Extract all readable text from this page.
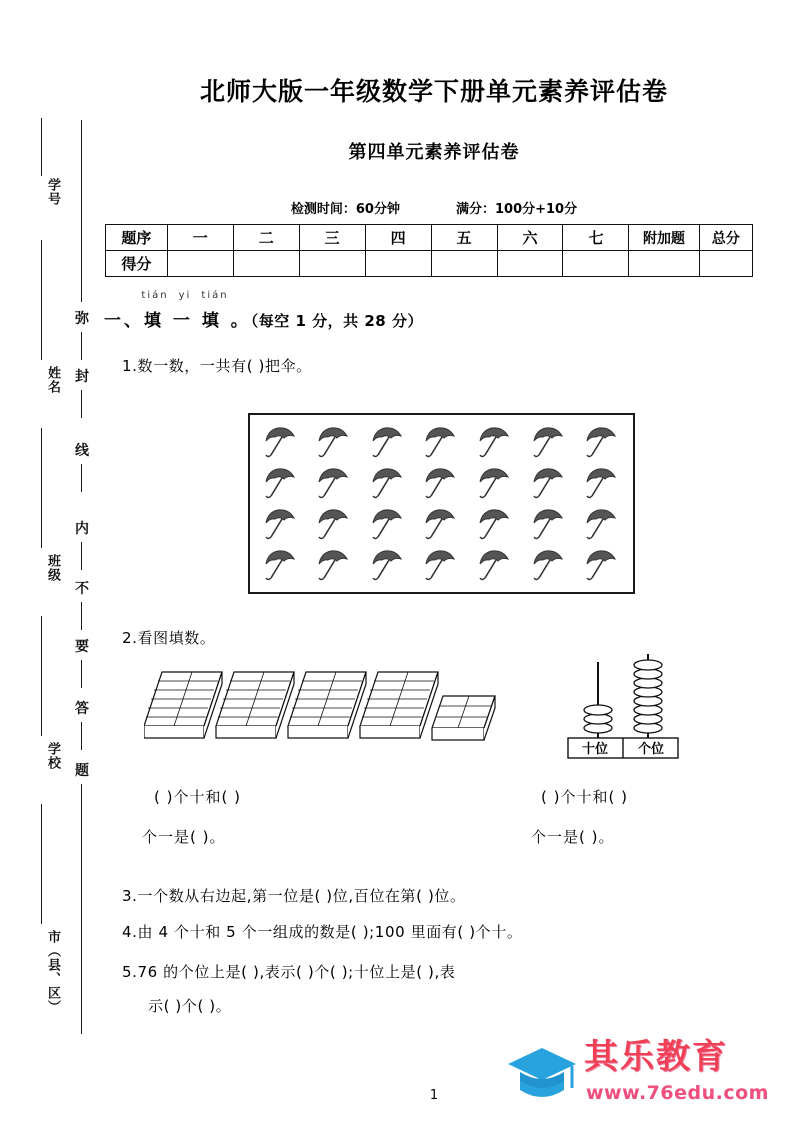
学号
姓名
班级
学校
市（县、区）
弥
封
线
内
不
要
答
题
北师大版一年级数学下册单元素养评估卷
第四单元素养评估卷
检测时间：60分钟	满分：100分+10分
题序	一	二	三	四	五	六	七	附加题	总分
得分									
tián yi tián
一、填 一 填 。（每空 1 分，共 28 分）
1.数一数，一共有( )把伞。
2.看图填数。
十位 个位
( )个十和( )
个一是( )。
( )个十和( )
个一是( )。
3.一个数从右边起,第一位是( )位,百位在第( )位。
4.由 4 个十和 5 个一组成的数是( );100 里面有( )个十。
5.76 的个位上是( ),表示( )个( );十位上是( ),表
示( )个( )。
1
其乐教育
www.76edu.com
